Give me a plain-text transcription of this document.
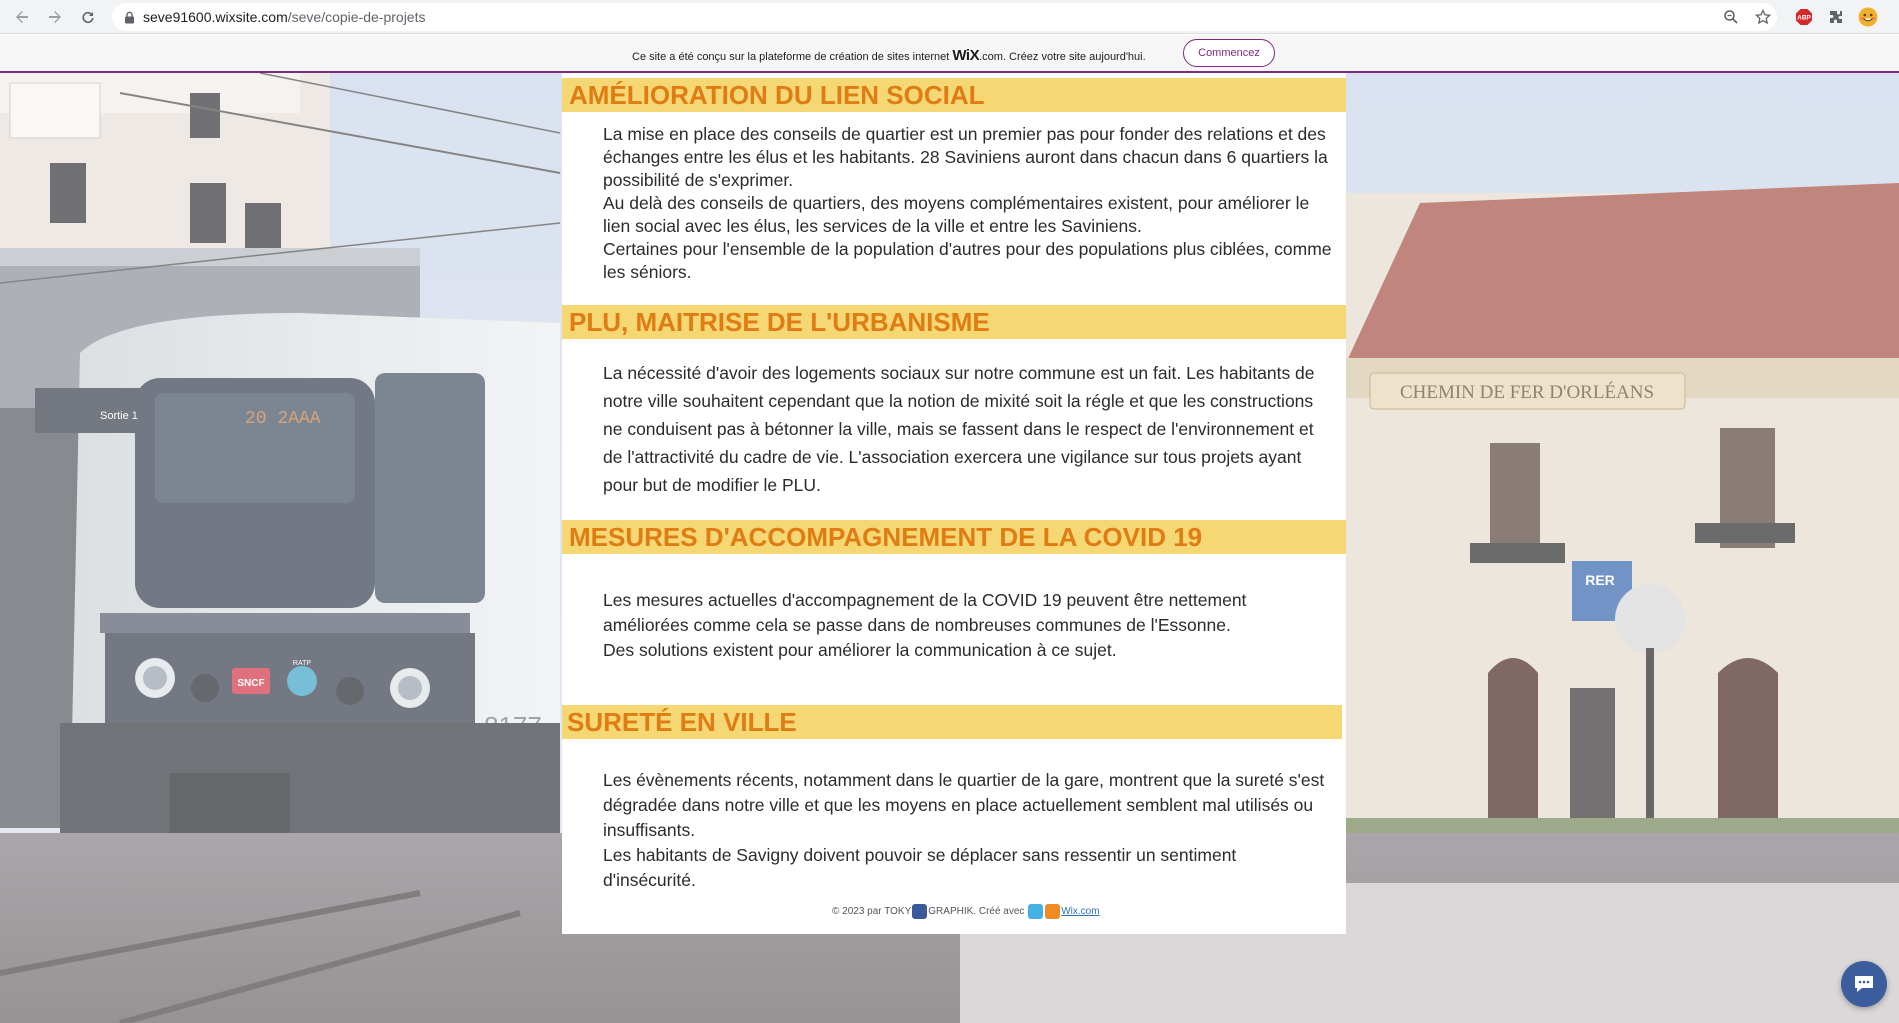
seve91600.wixsite.com/seve/copie-de-projets	ABP
Ce site a été conçu sur la plateforme de création de sites internet WiX.com. Créez votre site aujourd'hui.	Commencez
SNCF
RATP
20 2AAA
Sortie 1
CHEMIN DE FER D'ORLÉANS
RER
AMÉLIORATION DU LIEN SOCIAL

La mise en place des conseils de quartier est un premier pas pour fonder des relations et des échanges entre les élus et les habitants. 28 Saviniens auront dans chacun dans 6 quartiers la possibilité de s'exprimer.

Au delà des conseils de quartiers, des moyens complémentaires existent, pour améliorer le lien social avec les élus, les services de la ville et entre les Saviniens.

Certaines pour l'ensemble de la population d'autres pour des populations plus ciblées, comme les séniors.

PLU, MAITRISE DE L'URBANISME

La nécessité d'avoir des logements sociaux sur notre commune est un fait. Les habitants de notre ville souhaitent cependant que la notion de mixité soit la régle et que les constructions ne conduisent pas à bétonner la ville, mais se fassent dans le respect de l'environnement et de l'attractivité du cadre de vie. L'association exercera une vigilance sur tous projets ayant pour but de modifier le PLU.

MESURES D'ACCOMPAGNEMENT DE LA COVID 19

Les mesures actuelles d'accompagnement de la COVID 19 peuvent être nettement améliorées comme cela se passe dans de nombreuses communes de l'Essonne.

Des solutions existent pour améliorer la communication à ce sujet.

SURETÉ EN VILLE

Les évènements récents, notamment dans le quartier de la gare, montrent que la sureté s'est dégradée dans notre ville et que les moyens en place actuellement semblent mal utilisés ou insuffisants.

Les habitants de Savigny doivent pouvoir se déplacer sans ressentir un sentiment d'insécurité.

© 2023 par TOKY GRAPHIK. Créé avec	Wix.com
